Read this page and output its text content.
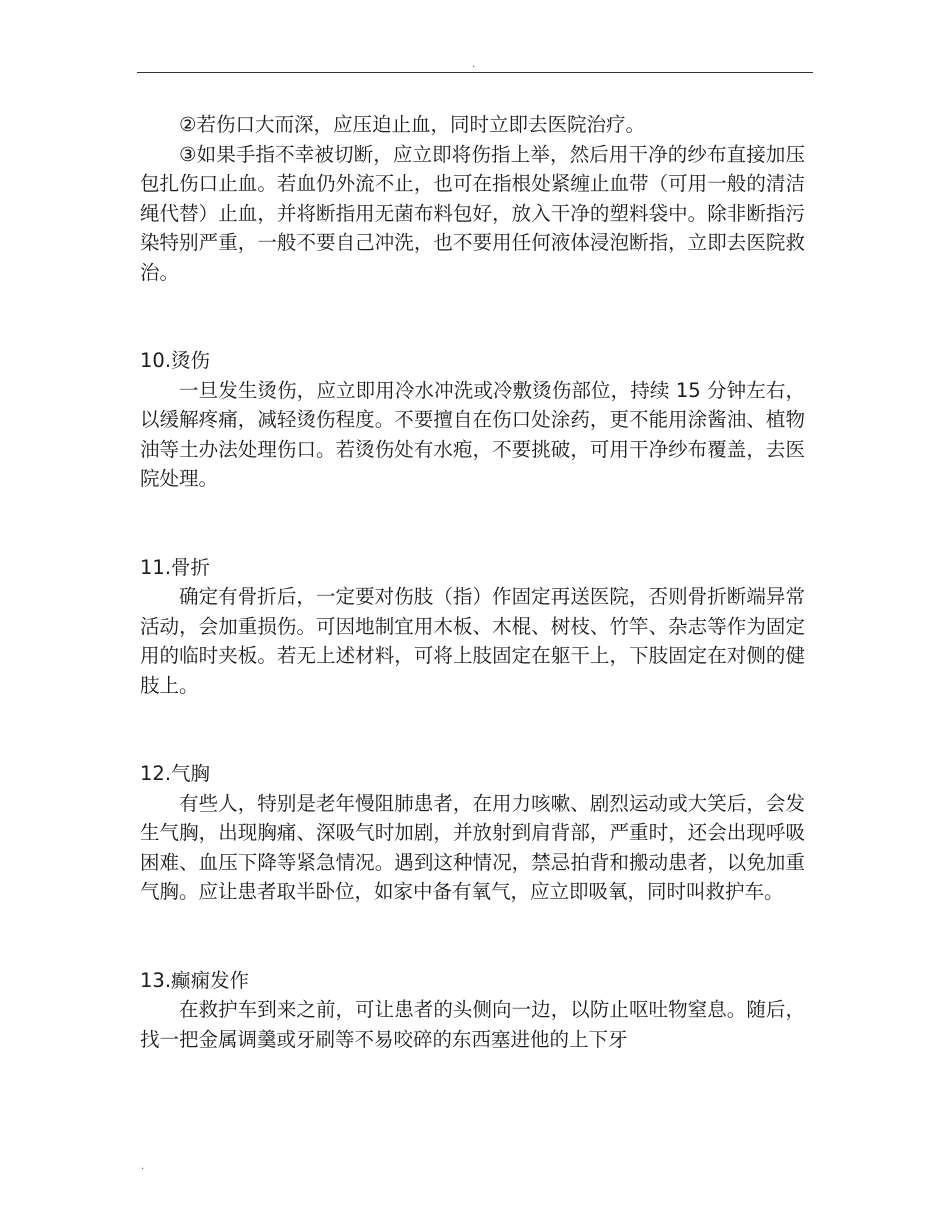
.

②若伤口大而深，应压迫止血，同时立即去医院治疗。

③如果手指不幸被切断，应立即将伤指上举，然后用干净的纱布直接加压包扎伤口止血。若血仍外流不止，也可在指根处紧缠止血带（可用一般的清洁绳代替）止血，并将断指用无菌布料包好，放入干净的塑料袋中。除非断指污染特别严重，一般不要自己冲洗，也不要用任何液体浸泡断指，立即去医院救治。

10.烫伤

一旦发生烫伤，应立即用冷水冲洗或冷敷烫伤部位，持续 15 分钟左右，以缓解疼痛，减轻烫伤程度。不要擅自在伤口处涂药，更不能用涂酱油、植物油等土办法处理伤口。若烫伤处有水疱，不要挑破，可用干净纱布覆盖，去医院处理。

11.骨折

确定有骨折后，一定要对伤肢（指）作固定再送医院，否则骨折断端异常活动，会加重损伤。可因地制宜用木板、木棍、树枝、竹竿、杂志等作为固定用的临时夹板。若无上述材料，可将上肢固定在躯干上，下肢固定在对侧的健肢上。

12.气胸

有些人，特别是老年慢阻肺患者，在用力咳嗽、剧烈运动或大笑后，会发生气胸，出现胸痛、深吸气时加剧，并放射到肩背部，严重时，还会出现呼吸困难、血压下降等紧急情况。遇到这种情况，禁忌拍背和搬动患者，以免加重气胸。应让患者取半卧位，如家中备有氧气，应立即吸氧，同时叫救护车。

13.癫痫发作

在救护车到来之前，可让患者的头侧向一边，以防止呕吐物窒息。随后，找一把金属调羹或牙刷等不易咬碎的东西塞进他的上下牙

.
